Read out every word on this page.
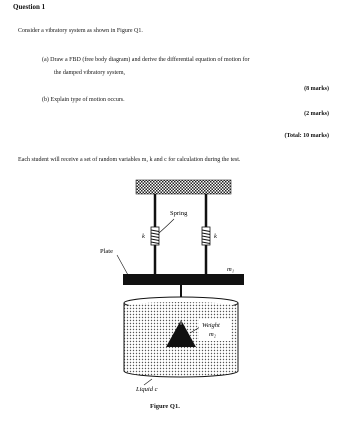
Question 1
Consider a vibratory system as shown in Figure Q1.
(a) Draw a FBD (free body diagram) and derive the differential equation of motion for
the damped vibratory system,
(8 marks)
(b) Explain type of motion occurs.
(2 marks)
(Total: 10 marks)
Each student will receive a set of random variables m, k and c for calculation during the test.
Spring
k	k
Plate
m₁
Weight
m₂
Liquid c
Figure Q1.
